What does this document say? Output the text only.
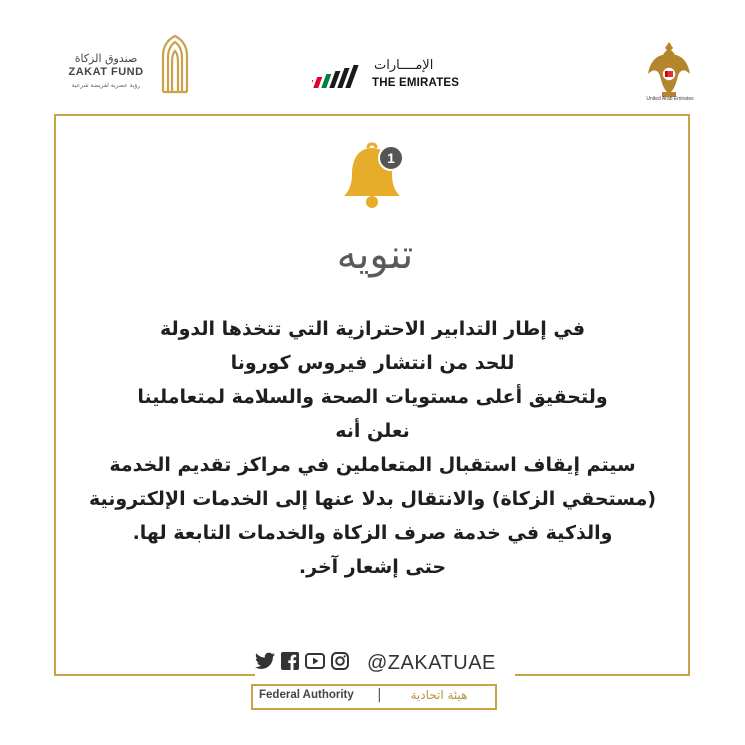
صندوق الزكاة
ZAKAT FUND
رؤية عصرية لفريضة شرعية
الإمــــارات
THE EMIRATES
United Arab Emirates
1
تنويه
في إطار التدابير الاحترازية التي تتخذها الدولة
للحد من انتشار فيروس كورونا
ولتحقيق أعلى مستويات الصحة والسلامة لمتعاملينا
نعلن أنه
سيتم إيقاف استقبال المتعاملين في مراكز تقديم الخدمة
(مستحقي الزكاة) والانتقال بدلا عنها إلى الخدمات الإلكترونية
والذكية في خدمة صرف الزكاة والخدمات التابعة لها.
حتى إشعار آخر.
@ZAKATUAE
Federal Authority |	هيئة اتحادية
